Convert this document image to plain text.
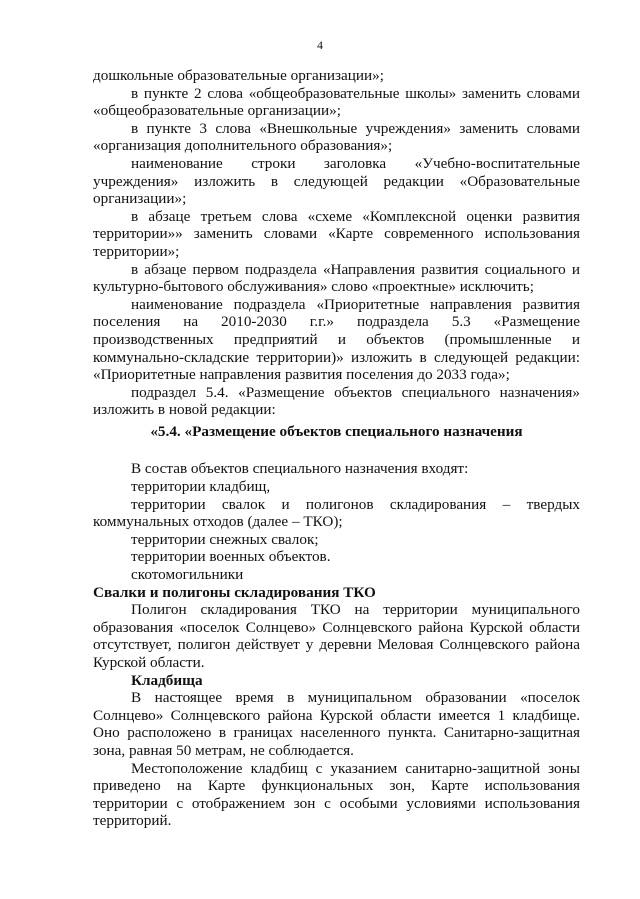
4

дошкольные образовательные организации»;

в пункте 2 слова «общеобразовательные школы» заменить словами «общеобразовательные организации»;

в пункте 3 слова «Внешкольные учреждения» заменить словами «организация дополнительного образования»;

наименование строки заголовка «Учебно-воспитательные учреждения» изложить в следующей редакции «Образовательные организации»;

в абзаце третьем слова «схеме «Комплексной оценки развития территории»» заменить словами «Карте современного использования территории»;

в абзаце первом подраздела «Направления развития социального и культурно-бытового обслуживания» слово «проектные» исключить;

наименование подраздела «Приоритетные направления развития поселения на 2010-2030 г.г.» подраздела 5.3 «Размещение производственных предприятий и объектов (промышленные и коммунально-складские территории)» изложить в следующей редакции: «Приоритетные направления развития поселения до 2033 года»;

подраздел 5.4. «Размещение объектов специального назначения» изложить в новой редакции:

«5.4. «Размещение объектов специального назначения

В состав объектов специального назначения входят:

территории кладбищ,

территории свалок и полигонов складирования – твердых коммунальных отходов (далее – ТКО);

территории снежных свалок;

территории военных объектов.

скотомогильники

Свалки и полигоны складирования ТКО

Полигон складирования ТКО на территории муниципального образования «поселок Солнцево» Солнцевского района Курской области отсутствует, полигон действует у деревни Меловая Солнцевского района Курской области.

Кладбища

В настоящее время в муниципальном образовании «поселок Солнцево» Солнцевского района Курской области имеется 1 кладбище. Оно расположено в границах населенного пункта. Санитарно-защитная зона, равная 50 метрам, не соблюдается.

Местоположение кладбищ с указанием санитарно-защитной зоны приведено на Карте функциональных зон, Карте использования территории с отображением зон с особыми условиями использования территорий.
